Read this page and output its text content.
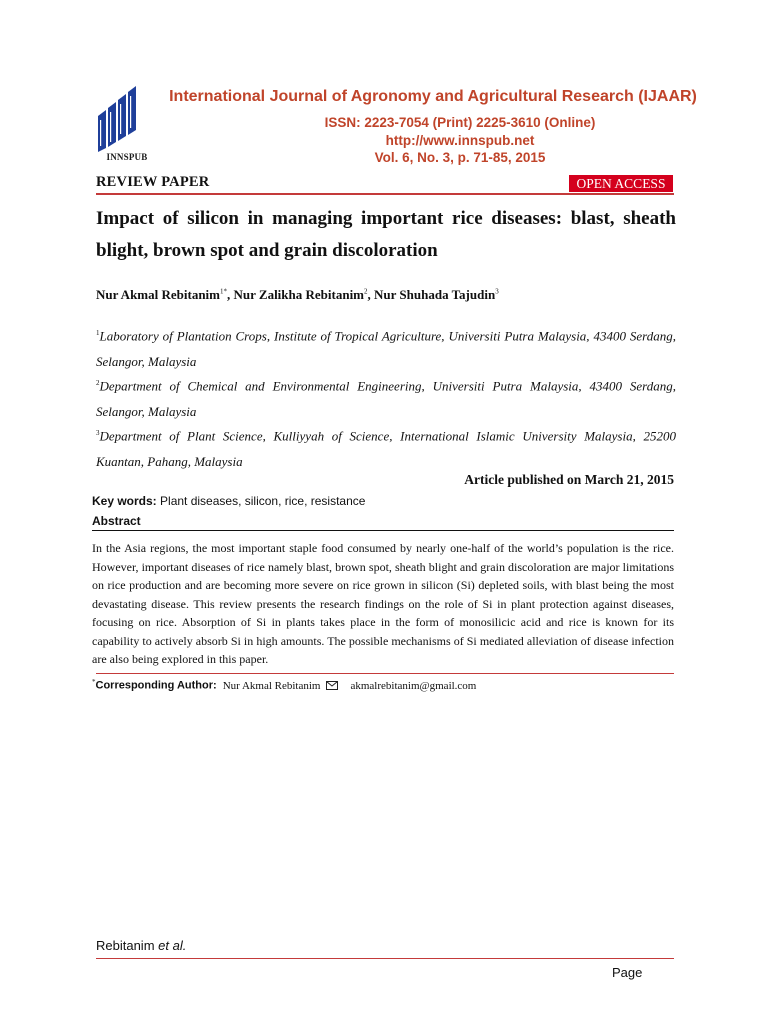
INNSPUB
International Journal of Agronomy and Agricultural Research (IJAAR)
ISSN: 2223-7054 (Print) 2225-3610 (Online)
http://www.innspub.net
Vol. 6, No. 3, p. 71-85, 2015
REVIEW PAPER	OPEN ACCESS
Impact of silicon in managing important rice diseases: blast, sheath blight, brown spot and grain discoloration
Nur Akmal Rebitanim$^{1*}$, Nur Zalikha Rebitanim$^2$, Nur Shuhada Tajudin$^3$
$^1$Laboratory of Plantation Crops, Institute of Tropical Agriculture, Universiti Putra Malaysia, 43400 Serdang, Selangor, Malaysia
$^2$Department of Chemical and Environmental Engineering, Universiti Putra Malaysia, 43400 Serdang, Selangor, Malaysia
$^3$Department of Plant Science, Kulliyyah of Science, International Islamic University Malaysia, 25200 Kuantan, Pahang, Malaysia
Article published on March 21, 2015
Key words: Plant diseases, silicon, rice, resistance
Abstract
In the Asia regions, the most important staple food consumed by nearly one-half of the world’s population is the rice. However, important diseases of rice namely blast, brown spot, sheath blight and grain discoloration are major limitations on rice production and are becoming more severe on rice grown in silicon (Si) depleted soils, with blast being the most devastating disease. This review presents the research findings on the role of Si in plant protection against diseases, focusing on rice. Absorption of Si in plants takes place in the form of monosilicic acid and rice is known for its capability to actively absorb Si in high amounts. The possible mechanisms of Si mediated alleviation of disease infection are also being explored in this paper.
*Corresponding Author: Nur Akmal Rebitanim	akmalrebitanim@gmail.com
Rebitanim et al.
Page
